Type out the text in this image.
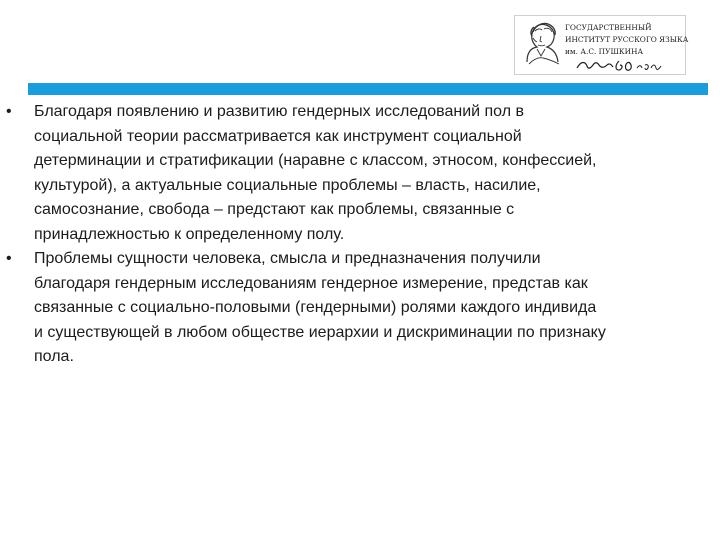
ГОСУДАРСТВЕННЫЙ
ИНСТИТУТ РУССКОГО ЯЗЫКА
им. А.С. ПУШКИНА
•	Благодаря появлению и развитию гендерных исследований пол в
социальной теории рассматривается как инструмент социальной
детерминации и стратификации (наравне с классом, этносом, конфессией,
культурой), а актуальные социальные проблемы – власть, насилие,
самосознание, свобода – предстают как проблемы, связанные с
принадлежностью к определенному полу.
•	Проблемы сущности человека, смысла и предназначения получили
благодаря гендерным исследованиям гендерное измерение, представ как
связанные с социально-половыми (гендерными) ролями каждого индивида
и существующей в любом обществе иерархии и дискриминации по признаку
пола.
